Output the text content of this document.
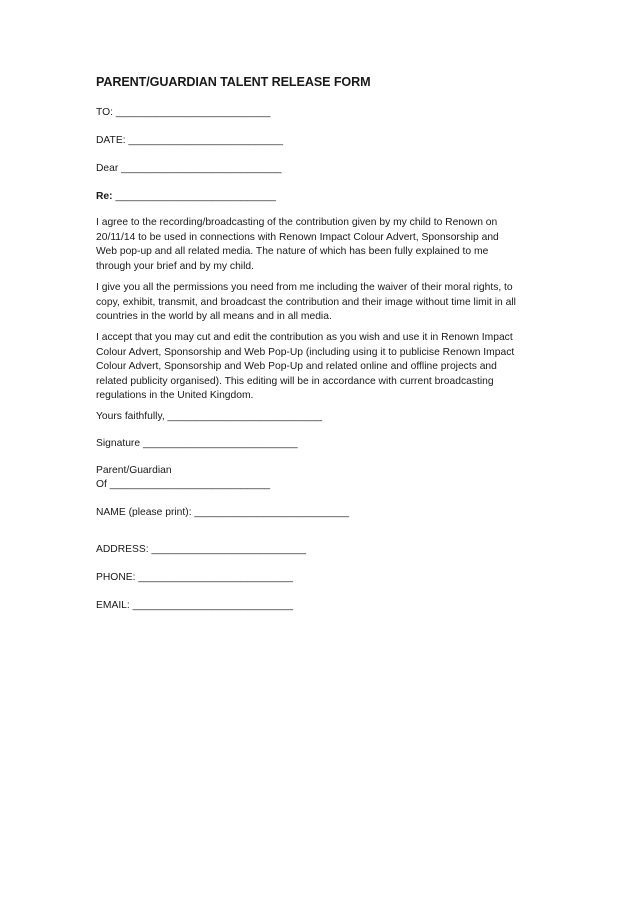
PARENT/GUARDIAN TALENT RELEASE FORM
TO: ___________________________
DATE: ___________________________
Dear ____________________________
Re: ____________________________
I agree to the recording/broadcasting of the contribution given by my child to Renown on
20/11/14 to be used in connections with Renown Impact Colour Advert, Sponsorship and
Web pop-up and all related media. The nature of which has been fully explained to me
through your brief and by my child.
I give you all the permissions you need from me including the waiver of their moral rights, to
copy, exhibit, transmit, and broadcast the contribution and their image without time limit in all
countries in the world by all means and in all media.
I accept that you may cut and edit the contribution as you wish and use it in Renown Impact
Colour Advert, Sponsorship and Web Pop-Up (including using it to publicise Renown Impact
Colour Advert, Sponsorship and Web Pop-Up and related online and offline projects and
related publicity organised). This editing will be in accordance with current broadcasting
regulations in the United Kingdom.
Yours faithfully, ___________________________
Signature ___________________________
Parent/Guardian
Of ____________________________
NAME (please print): ___________________________
ADDRESS: ___________________________
PHONE: ___________________________
EMAIL: ____________________________
